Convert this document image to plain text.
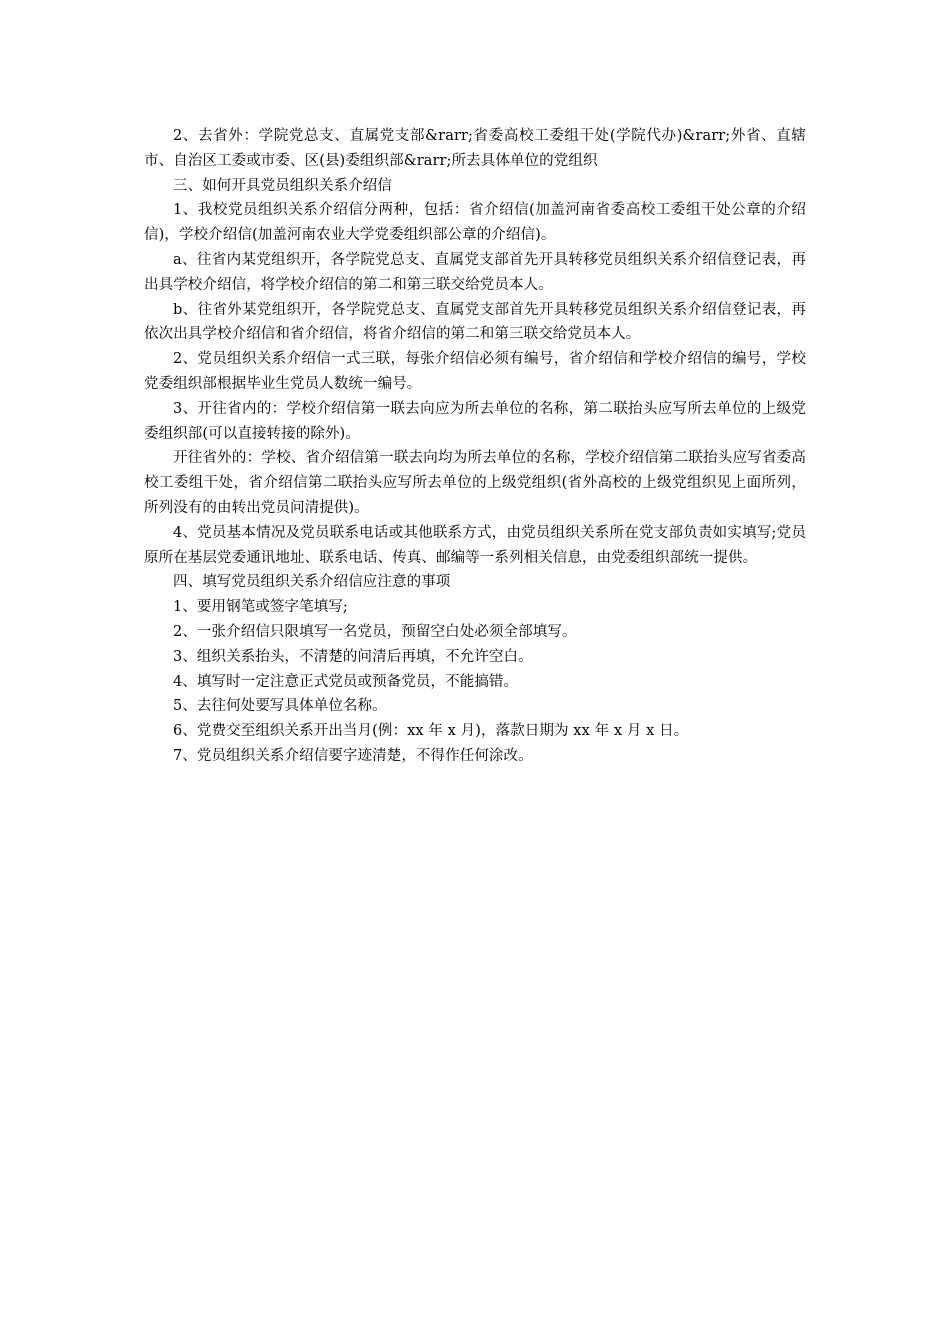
2、去省外：学院党总支、直属党支部&rarr;省委高校工委组干处(学院代办)&rarr;外省、直辖市、自治区工委或市委、区(县)委组织部&rarr;所去具体单位的党组织

三、如何开具党员组织关系介绍信

1、我校党员组织关系介绍信分两种，包括：省介绍信(加盖河南省委高校工委组干处公章的介绍信)，学校介绍信(加盖河南农业大学党委组织部公章的介绍信)。

a、往省内某党组织开，各学院党总支、直属党支部首先开具转移党员组织关系介绍信登记表，再出具学校介绍信，将学校介绍信的第二和第三联交给党员本人。

b、往省外某党组织开，各学院党总支、直属党支部首先开具转移党员组织关系介绍信登记表，再依次出具学校介绍信和省介绍信，将省介绍信的第二和第三联交给党员本人。

2、党员组织关系介绍信一式三联，每张介绍信必须有编号，省介绍信和学校介绍信的编号，学校党委组织部根据毕业生党员人数统一编号。

3、开往省内的：学校介绍信第一联去向应为所去单位的名称，第二联抬头应写所去单位的上级党委组织部(可以直接转接的除外)。

开往省外的：学校、省介绍信第一联去向均为所去单位的名称，学校介绍信第二联抬头应写省委高校工委组干处，省介绍信第二联抬头应写所去单位的上级党组织(省外高校的上级党组织见上面所列，所列没有的由转出党员问清提供)。

4、党员基本情况及党员联系电话或其他联系方式，由党员组织关系所在党支部负责如实填写;党员原所在基层党委通讯地址、联系电话、传真、邮编等一系列相关信息，由党委组织部统一提供。

四、填写党员组织关系介绍信应注意的事项

1、要用钢笔或签字笔填写;

2、一张介绍信只限填写一名党员，预留空白处必须全部填写。

3、组织关系抬头，不清楚的问清后再填，不允许空白。

4、填写时一定注意正式党员或预备党员，不能搞错。

5、去往何处要写具体单位名称。

6、党费交至组织关系开出当月(例：xx 年 x 月)，落款日期为 xx 年 x 月 x 日。

7、党员组织关系介绍信要字迹清楚，不得作任何涂改。
